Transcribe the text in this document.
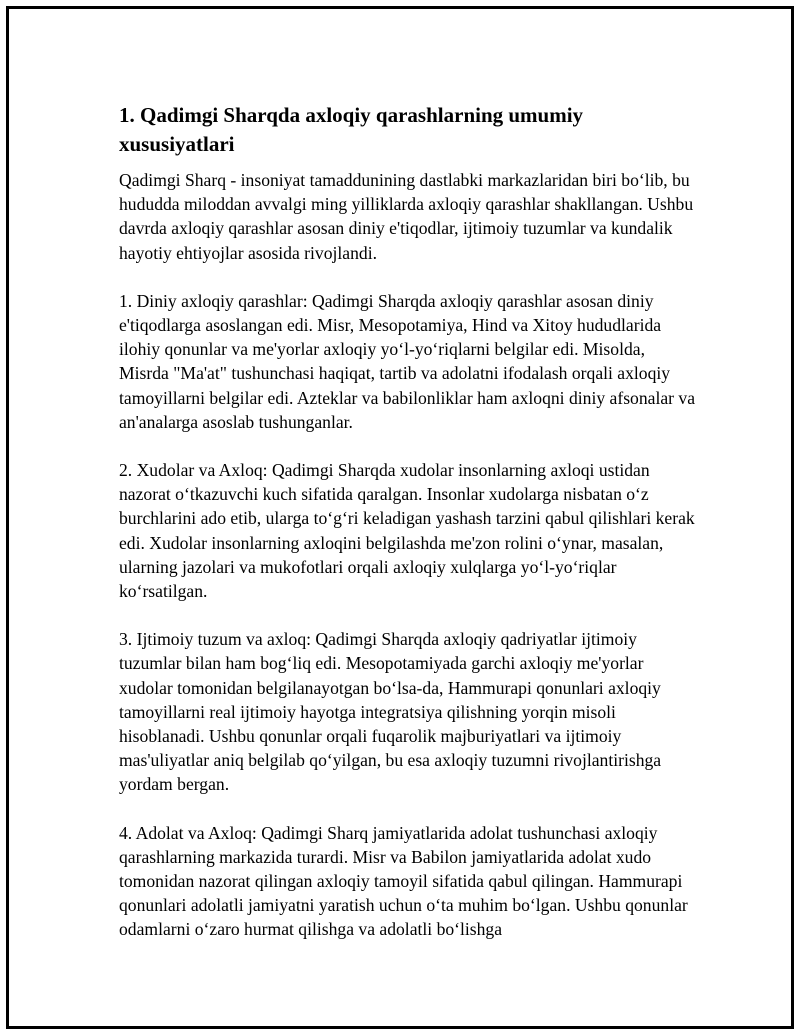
1. Qadimgi Sharqda axloqiy qarashlarning umumiy xususiyatlari

Qadimgi Sharq - insoniyat tamaddunining dastlabki markazlaridan biri bo‘lib, bu hududda miloddan avvalgi ming yilliklarda axloqiy qarashlar shakllangan. Ushbu davrda axloqiy qarashlar asosan diniy e'tiqodlar, ijtimoiy tuzumlar va kundalik hayotiy ehtiyojlar asosida rivojlandi.

1. Diniy axloqiy qarashlar: Qadimgi Sharqda axloqiy qarashlar asosan diniy e'tiqodlarga asoslangan edi. Misr, Mesopotamiya, Hind va Xitoy hududlarida ilohiy qonunlar va me'yorlar axloqiy yo‘l-yo‘riqlarni belgilar edi. Misolda, Misrda "Ma'at" tushunchasi haqiqat, tartib va adolatni ifodalash orqali axloqiy tamoyillarni belgilar edi. Azteklar va babilonliklar ham axloqni diniy afsonalar va an'analarga asoslab tushunganlar.

2. Xudolar va Axloq: Qadimgi Sharqda xudolar insonlarning axloqi ustidan nazorat o‘tkazuvchi kuch sifatida qaralgan. Insonlar xudolarga nisbatan o‘z burchlarini ado etib, ularga to‘g‘ri keladigan yashash tarzini qabul qilishlari kerak edi. Xudolar insonlarning axloqini belgilashda me'zon rolini o‘ynar, masalan, ularning jazolari va mukofotlari orqali axloqiy xulqlarga yo‘l-yo‘riqlar ko‘rsatilgan.

3. Ijtimoiy tuzum va axloq: Qadimgi Sharqda axloqiy qadriyatlar ijtimoiy tuzumlar bilan ham bog‘liq edi. Mesopotamiyada garchi axloqiy me'yorlar xudolar tomonidan belgilanayotgan bo‘lsa-da, Hammurapi qonunlari axloqiy tamoyillarni real ijtimoiy hayotga integratsiya qilishning yorqin misoli hisoblanadi. Ushbu qonunlar orqali fuqarolik majburiyatlari va ijtimoiy mas'uliyatlar aniq belgilab qo‘yilgan, bu esa axloqiy tuzumni rivojlantirishga yordam bergan.

4. Adolat va Axloq: Qadimgi Sharq jamiyatlarida adolat tushunchasi axloqiy qarashlarning markazida turardi. Misr va Babilon jamiyatlarida adolat xudo tomonidan nazorat qilingan axloqiy tamoyil sifatida qabul qilingan. Hammurapi qonunlari adolatli jamiyatni yaratish uchun o‘ta muhim bo‘lgan. Ushbu qonunlar odamlarni o‘zaro hurmat qilishga va adolatli bo‘lishga
